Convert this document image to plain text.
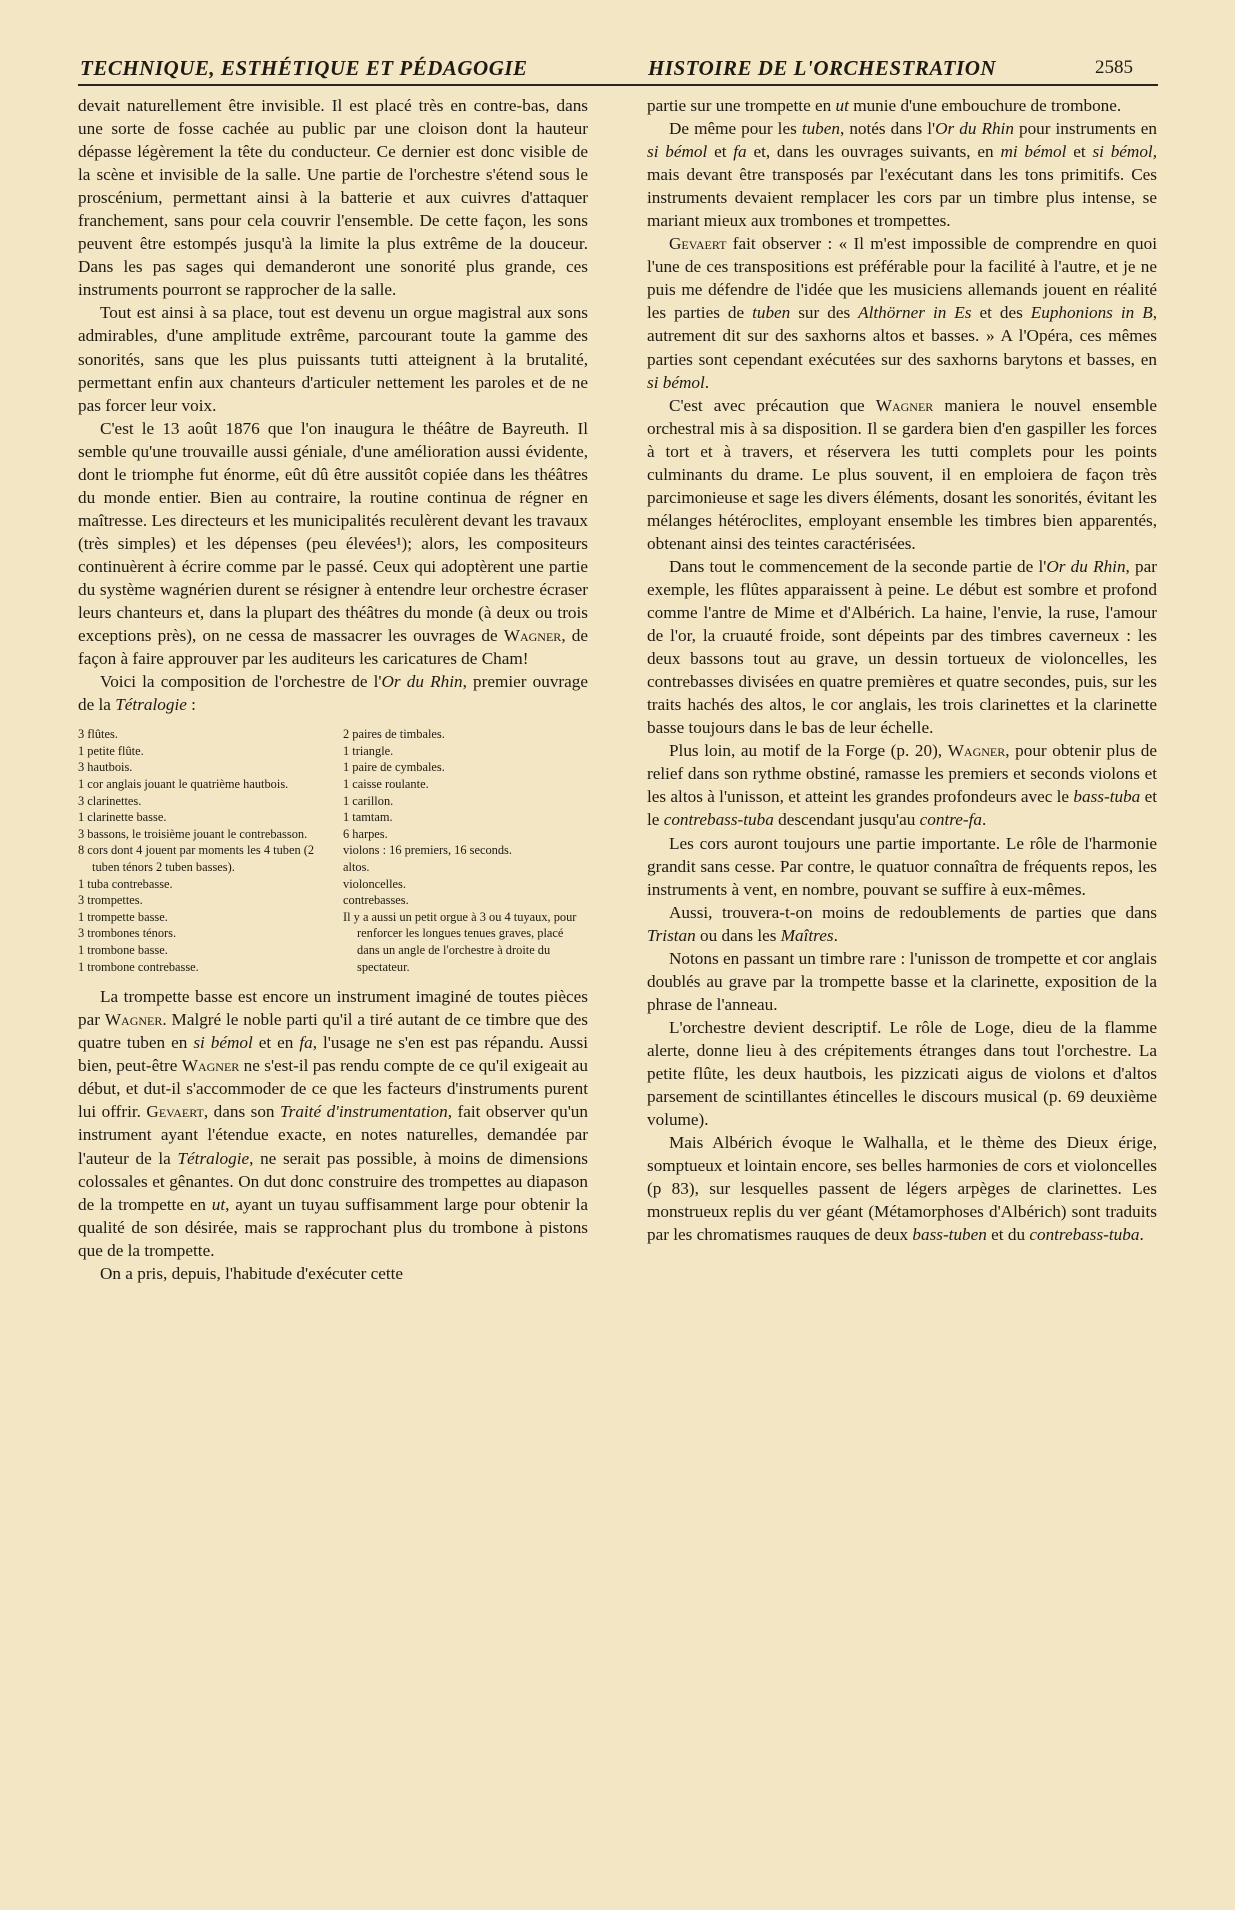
TECHNIQUE, ESTHÉTIQUE ET PÉDAGOGIE	HISTOIRE DE L'ORCHESTRATION	2585

devait naturellement être invisible. Il est placé très en contre-bas, dans une sorte de fosse cachée au public par une cloison dont la hauteur dépasse légèrement la tête du conducteur. Ce dernier est donc visible de la scène et invisible de la salle. Une partie de l'orchestre s'étend sous le proscénium, permettant ainsi à la batterie et aux cuivres d'attaquer franchement, sans pour cela couvrir l'ensemble. De cette façon, les sons peuvent être estompés jusqu'à la limite la plus extrême de la douceur. Dans les pas sages qui demanderont une sonorité plus grande, ces instruments pourront se rapprocher de la salle.

Tout est ainsi à sa place, tout est devenu un orgue magistral aux sons admirables, d'une amplitude extrême, parcourant toute la gamme des sonorités, sans que les plus puissants tutti atteignent à la brutalité, permettant enfin aux chanteurs d'articuler nettement les paroles et de ne pas forcer leur voix.

C'est le 13 août 1876 que l'on inaugura le théâtre de Bayreuth. Il semble qu'une trouvaille aussi géniale, d'une amélioration aussi évidente, dont le triomphe fut énorme, eût dû être aussitôt copiée dans les théâtres du monde entier. Bien au contraire, la routine continua de régner en maîtresse. Les directeurs et les municipalités reculèrent devant les travaux (très simples) et les dépenses (peu élevées¹); alors, les compositeurs continuèrent à écrire comme par le passé. Ceux qui adoptèrent une partie du système wagnérien durent se résigner à entendre leur orchestre écraser leurs chanteurs et, dans la plupart des théâtres du monde (à deux ou trois exceptions près), on ne cessa de massacrer les ouvrages de Wagner, de façon à faire approuver par les auditeurs les caricatures de Cham!

Voici la composition de l'orchestre de l'Or du Rhin, premier ouvrage de la Tétralogie :

3 flûtes.
1 petite flûte.
3 hautbois.
1 cor anglais jouant le quatrième hautbois.
3 clarinettes.
1 clarinette basse.
3 bassons, le troisième jouant le contrebasson.
8 cors dont 4 jouent par moments les 4 tuben (2 tuben ténors 2 tuben basses).
1 tuba contrebasse.
3 trompettes.
1 trompette basse.
3 trombones ténors.
1 trombone basse.
1 trombone contrebasse.
2 paires de timbales.
1 triangle.
1 paire de cymbales.
1 caisse roulante.
1 carillon.
1 tamtam.
6 harpes.
violons : 16 premiers, 16 seconds.
altos.
violoncelles.
contrebasses.
Il y a aussi un petit orgue à 3 ou 4 tuyaux, pour renforcer les longues tenues graves, placé dans un angle de l'orchestre à droite du spectateur.

La trompette basse est encore un instrument imaginé de toutes pièces par Wagner. Malgré le noble parti qu'il a tiré autant de ce timbre que des quatre tuben en si bémol et en fa, l'usage ne s'en est pas répandu. Aussi bien, peut-être Wagner ne s'est-il pas rendu compte de ce qu'il exigeait au début, et dut-il s'accommoder de ce que les facteurs d'instruments purent lui offrir. Gevaert, dans son Traité d'instrumentation, fait observer qu'un instrument ayant l'étendue exacte, en notes naturelles, demandée par l'auteur de la Tétralogie, ne serait pas possible, à moins de dimensions colossales et gênantes. On dut donc construire des trompettes au diapason de la trompette en ut, ayant un tuyau suffisamment large pour obtenir la qualité de son désirée, mais se rapprochant plus du trombone à pistons que de la trompette.

On a pris, depuis, l'habitude d'exécuter cette

partie sur une trompette en ut munie d'une embouchure de trombone.

De même pour les tuben, notés dans l'Or du Rhin pour instruments en si bémol et fa et, dans les ouvrages suivants, en mi bémol et si bémol, mais devant être transposés par l'exécutant dans les tons primitifs. Ces instruments devaient remplacer les cors par un timbre plus intense, se mariant mieux aux trombones et trompettes.

Gevaert fait observer : « Il m'est impossible de comprendre en quoi l'une de ces transpositions est préférable pour la facilité à l'autre, et je ne puis me défendre de l'idée que les musiciens allemands jouent en réalité les parties de tuben sur des Althörner in Es et des Euphonions in B, autrement dit sur des saxhorns altos et basses. » A l'Opéra, ces mêmes parties sont cependant exécutées sur des saxhorns barytons et basses, en si bémol.

C'est avec précaution que Wagner maniera le nouvel ensemble orchestral mis à sa disposition. Il se gardera bien d'en gaspiller les forces à tort et à travers, et réservera les tutti complets pour les points culminants du drame. Le plus souvent, il en emploiera de façon très parcimonieuse et sage les divers éléments, dosant les sonorités, évitant les mélanges hétéroclites, employant ensemble les timbres bien apparentés, obtenant ainsi des teintes caractérisées.

Dans tout le commencement de la seconde partie de l'Or du Rhin, par exemple, les flûtes apparaissent à peine. Le début est sombre et profond comme l'antre de Mime et d'Albérich. La haine, l'envie, la ruse, l'amour de l'or, la cruauté froide, sont dépeints par des timbres caverneux : les deux bassons tout au grave, un dessin tortueux de violoncelles, les contrebasses divisées en quatre premières et quatre secondes, puis, sur les traits hachés des altos, le cor anglais, les trois clarinettes et la clarinette basse toujours dans le bas de leur échelle.

Plus loin, au motif de la Forge (p. 20), Wagner, pour obtenir plus de relief dans son rythme obstiné, ramasse les premiers et seconds violons et les altos à l'unisson, et atteint les grandes profondeurs avec le bass-tuba et le contrebass-tuba descendant jusqu'au contre-fa.

Les cors auront toujours une partie importante. Le rôle de l'harmonie grandit sans cesse. Par contre, le quatuor connaîtra de fréquents repos, les instruments à vent, en nombre, pouvant se suffire à eux-mêmes.

Aussi, trouvera-t-on moins de redoublements de parties que dans Tristan ou dans les Maîtres.

Notons en passant un timbre rare : l'unisson de trompette et cor anglais doublés au grave par la trompette basse et la clarinette, exposition de la phrase de l'anneau.

L'orchestre devient descriptif. Le rôle de Loge, dieu de la flamme alerte, donne lieu à des crépitements étranges dans tout l'orchestre. La petite flûte, les deux hautbois, les pizzicati aigus de violons et d'altos parsement de scintillantes étincelles le discours musical (p. 69 deuxième volume).

Mais Albérich évoque le Walhalla, et le thème des Dieux érige, somptueux et lointain encore, ses belles harmonies de cors et violoncelles (p 83), sur lesquelles passent de légers arpèges de clarinettes. Les monstrueux replis du ver géant (Métamorphoses d'Albérich) sont traduits par les chromatismes rauques de deux bass-tuben et du contrebass-tuba.
